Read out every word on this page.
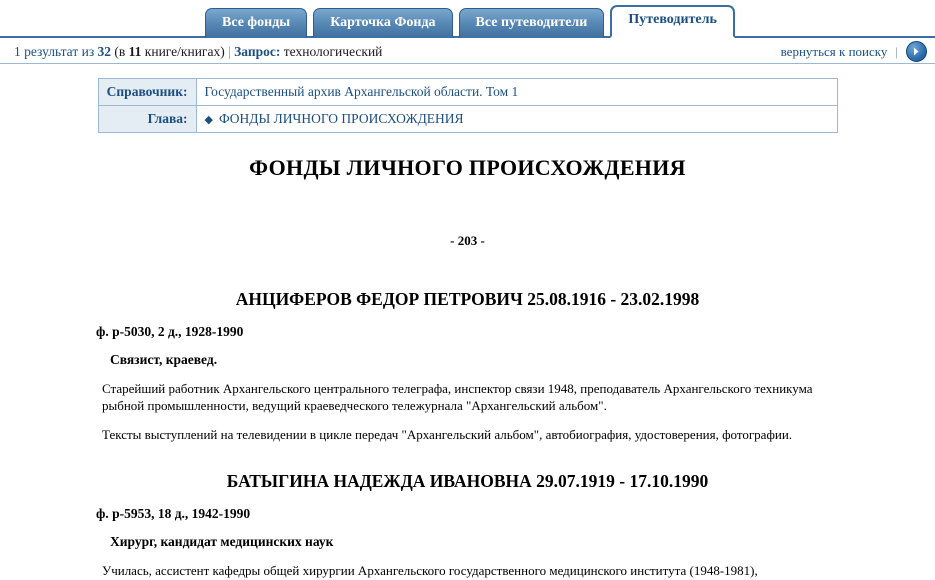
Все фонды	Карточка Фонда	Все путеводители	Путеводитель
1 результат из 32 (в 11 книге/книгах) | Запрос: технологический	вернуться к поиску |
Справочник:	Государственный архив Архангельской области. Том 1
Глава:	◆ ФОНДЫ ЛИЧНОГО ПРОИСХОЖДЕНИЯ
ФОНДЫ ЛИЧНОГО ПРОИСХОЖДЕНИЯ
- 203 -
АНЦИФЕРОВ ФЕДОР ПЕТРОВИЧ 25.08.1916 - 23.02.1998
ф. р-5030, 2 д., 1928-1990
Связист, краевед.
Старейший работник Архангельского центрального телеграфа, инспектор связи 1948, преподаватель Архангельского техникума рыбной промышленности, ведущий краеведческого тележурнала "Архангельский альбом".
Тексты выступлений на телевидении в цикле передач "Архангельский альбом", автобиография, удостоверения, фотографии.
БАТЫГИНА НАДЕЖДА ИВАНОВНА 29.07.1919 - 17.10.1990
ф. р-5953, 18 д., 1942-1990
Хирург, кандидат медицинских наук
Училась, ассистент кафедры общей хирургии Архангельского государственного медицинского института (1948-1981),
